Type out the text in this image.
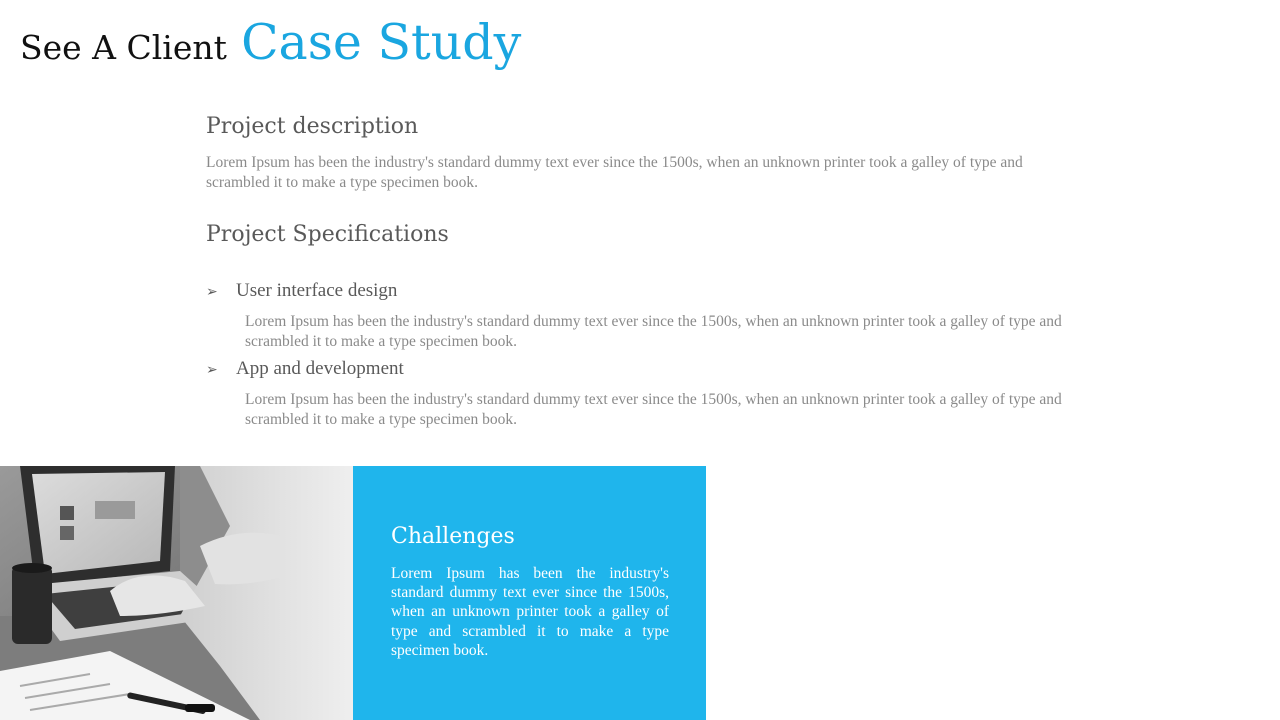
See A Client Case Study
Project description

Lorem Ipsum has been the industry's standard dummy text ever since the 1500s, when an unknown printer took a galley of type and scrambled it to make a type specimen book.

Project Specifications
➢ User interface design

Lorem Ipsum has been the industry's standard dummy text ever since the 1500s, when an unknown printer took a galley of type and scrambled it to make a type specimen book.

➢ App and development

Lorem Ipsum has been the industry's standard dummy text ever since the 1500s, when an unknown printer took a galley of type and scrambled it to make a type specimen book.

Challenges

Lorem Ipsum has been the industry's standard dummy text ever since the 1500s, when an unknown printer took a galley of type and scrambled it to make a type specimen book.
